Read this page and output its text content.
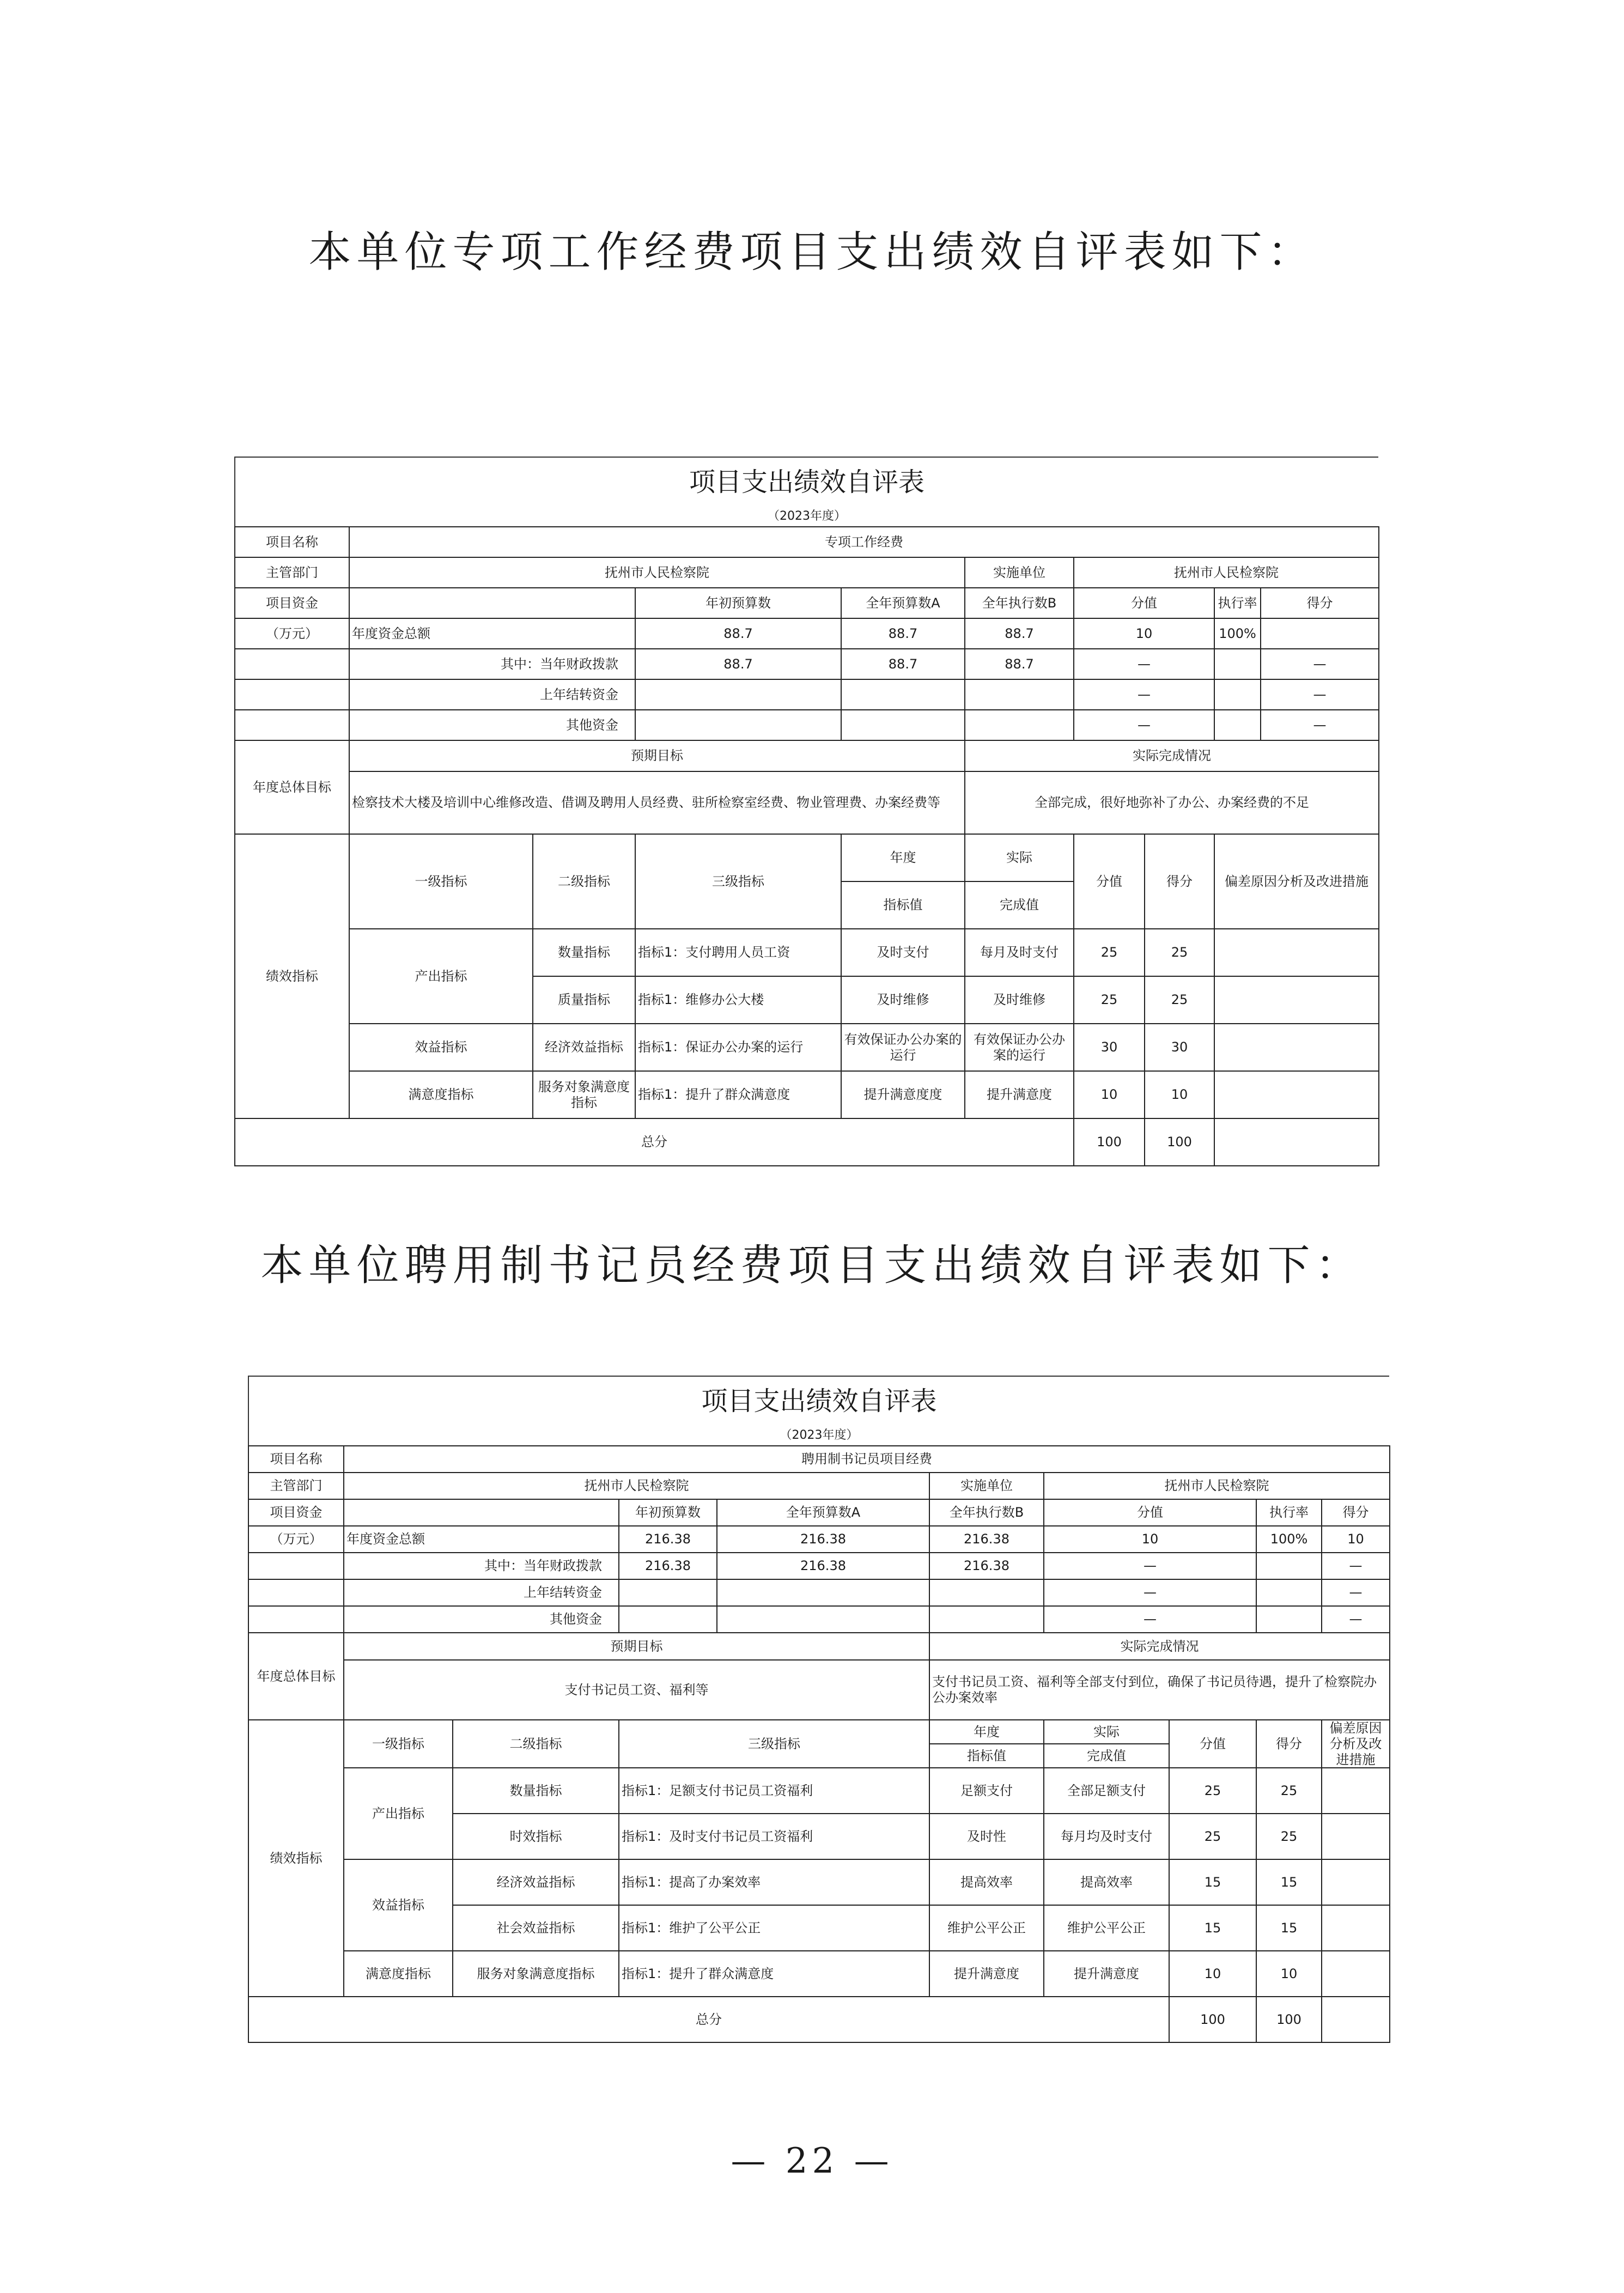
本单位专项工作经费项目支出绩效自评表如下：
项目支出绩效自评表
（2023年度）
项目名称	专项工作经费								
主管部门	抚州市人民检察院				实施单位	抚州市人民检察院			
项目资金			年初预算数	全年预算数A	全年执行数B	分值		执行率	得分
（万元）	年度资金总额		88.7	88.7	88.7	10		100%	
	其中：当年财政拨款		88.7	88.7	88.7	—			—
	上年结转资金					—			—
	其他资金					—			—
年度总体目标	预期目标				实际完成情况				
	检察技术大楼及培训中心维修改造、借调及聘用人员经费、驻所检察室经费、物业管理费、办案经费等				全部完成，很好地弥补了办公、办案经费的不足				
绩效指标	一级指标	二级指标	三级指标	年度	实际	分值	得分	偏差原因分析及改进措施	
				指标值	完成值				
	产出指标	数量指标	指标1：支付聘用人员工资	及时支付	每月及时支付	25	25		
		质量指标	指标1：维修办公大楼	及时维修	及时维修	25	25		
	效益指标	经济效益指标	指标1：保证办公办案的运行	有效保证办公办案的运行	有效保证办公办案的运行	30	30		
	满意度指标	服务对象满意度指标	指标1：提升了群众满意度	提升满意度度	提升满意度	10	10		
总分						100	100		
本单位聘用制书记员经费项目支出绩效自评表如下：
项目支出绩效自评表
（2023年度）
项目名称	聘用制书记员项目经费								
主管部门	抚州市人民检察院				实施单位	抚州市人民检察院			
项目资金			年初预算数	全年预算数A	全年执行数B	分值		执行率	得分
（万元）	年度资金总额		216.38	216.38	216.38	10		100%	10
	其中：当年财政拨款		216.38	216.38	216.38	—			—
	上年结转资金					—			—
	其他资金					—			—
年度总体目标	预期目标				实际完成情况				
	支付书记员工资、福利等				支付书记员工资、福利等全部支付到位，确保了书记员待遇，提升了检察院办公办案效率				
绩效指标	一级指标	二级指标	三级指标		年度	实际	分值	得分	偏差原因分析及改进措施
					指标值	完成值			
	产出指标	数量指标	指标1：足额支付书记员工资福利		足额支付	全部足额支付	25	25	
		时效指标	指标1：及时支付书记员工资福利		及时性	每月均及时支付	25	25	
	效益指标	经济效益指标	指标1：提高了办案效率		提高效率	提高效率	15	15	
		社会效益指标	指标1：维护了公平公正		维护公平公正	维护公平公正	15	15	
	满意度指标	服务对象满意度指标	指标1：提升了群众满意度		提升满意度	提升满意度	10	10	
总分							100	100	
— 22 —
